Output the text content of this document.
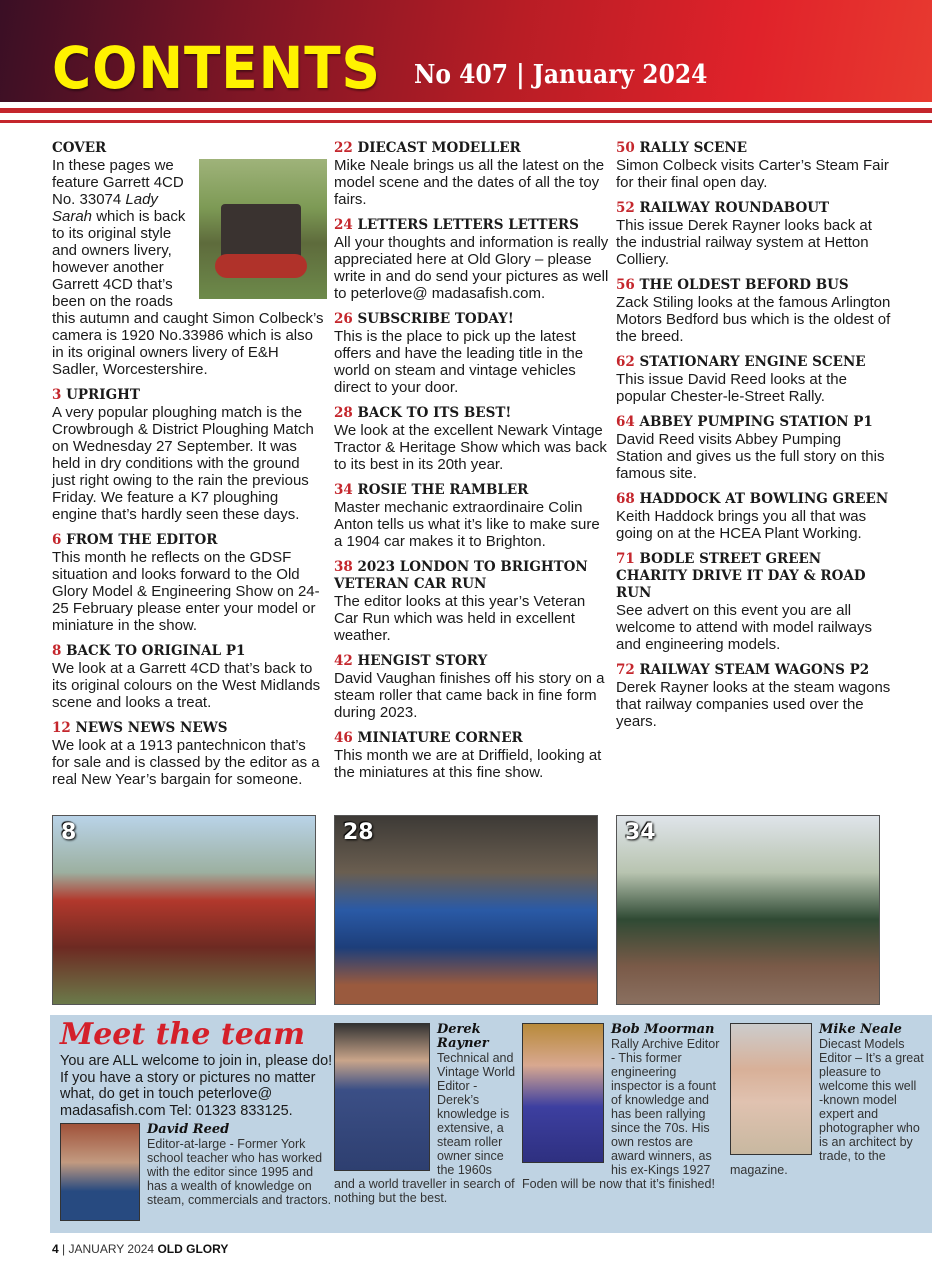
CONTENTS No 407 | January 2024
COVER
In these pages we feature Garrett 4CD No. 33074 Lady Sarah which is back to its original style and owners livery, however another Garrett 4CD that’s been on the roads this autumn and caught Simon Colbeck’s camera is 1920 No.33986 which is also in its original owners livery of E&H Sadler, Worcestershire.
3 UPRIGHT
A very popular ploughing match is the Crowbrough & District Ploughing Match on Wednesday 27 September. It was held in dry conditions with the ground just right owing to the rain the previous Friday. We feature a K7 ploughing engine that’s hardly seen these days.
6 FROM THE EDITOR
This month he reflects on the GDSF situation and looks forward to the Old Glory Model & Engineering Show on 24-25 February please enter your model or miniature in the show.
8 BACK TO ORIGINAL P1
We look at a Garrett 4CD that’s back to its original colours on the West Midlands scene and looks a treat.
12 NEWS NEWS NEWS
We look at a 1913 pantechnicon that’s for sale and is classed by the editor as a real New Year’s bargain for someone.
22 DIECAST MODELLER
Mike Neale brings us all the latest on the model scene and the dates of all the toy fairs.
24 LETTERS LETTERS LETTERS
All your thoughts and information is really appreciated here at Old Glory – please write in and do send your pictures as well to peterlove@ madasafish.com.
26 SUBSCRIBE TODAY!
This is the place to pick up the latest offers and have the leading title in the world on steam and vintage vehicles direct to your door.
28 BACK TO ITS BEST!
We look at the excellent Newark Vintage Tractor & Heritage Show which was back to its best in its 20th year.
34 ROSIE THE RAMBLER
Master mechanic extraordinaire Colin Anton tells us what it’s like to make sure a 1904 car makes it to Brighton.
38 2023 LONDON TO BRIGHTON VETERAN CAR RUN
The editor looks at this year’s Veteran Car Run which was held in excellent weather.
42 HENGIST STORY
David Vaughan finishes off his story on a steam roller that came back in fine form during 2023.
46 MINIATURE CORNER
This month we are at Driffield, looking at the miniatures at this fine show.
50 RALLY SCENE
Simon Colbeck visits Carter’s Steam Fair for their final open day.
52 RAILWAY ROUNDABOUT
This issue Derek Rayner looks back at the industrial railway system at Hetton Colliery.
56 THE OLDEST BEFORD BUS
Zack Stiling looks at the famous Arlington Motors Bedford bus which is the oldest of the breed.
62 STATIONARY ENGINE SCENE
This issue David Reed looks at the popular Chester-le-Street Rally.
64 ABBEY PUMPING STATION P1
David Reed visits Abbey Pumping Station and gives us the full story on this famous site.
68 HADDOCK AT BOWLING GREEN
Keith Haddock brings you all that was going on at the HCEA Plant Working.
71 BODLE STREET GREEN CHARITY DRIVE IT DAY & ROAD RUN
See advert on this event you are all welcome to attend with model railways and engineering models.
72 RAILWAY STEAM WAGONS P2
Derek Rayner looks at the steam wagons that railway companies used over the years.
8	28	34
Meet the team
You are ALL welcome to join in, please do! If you have a story or pictures no matter what, do get in touch peterlove@ madasafish.com Tel: 01323 833125.
David Reed
Editor-at-large - Former York school teacher who has worked with the editor since 1995 and has a wealth of knowledge on steam, commercials and tractors.
Derek Rayner
Technical and Vintage World Editor - Derek’s knowledge is extensive, a steam roller owner since the 1960s
and a world traveller in search of nothing but the best.
Bob Moorman
Rally Archive Editor - This former engineering inspector is a fount of knowledge and has been rallying since the 70s. His
own restos are award winners, as his ex-Kings 1927 Foden will be now that it’s finished!
Mike Neale
Diecast Models Editor – It’s a great pleasure to welcome this well
-known model expert and photographer who is an architect by trade, to the magazine.
4 | JANUARY 2024 OLD GLORY
